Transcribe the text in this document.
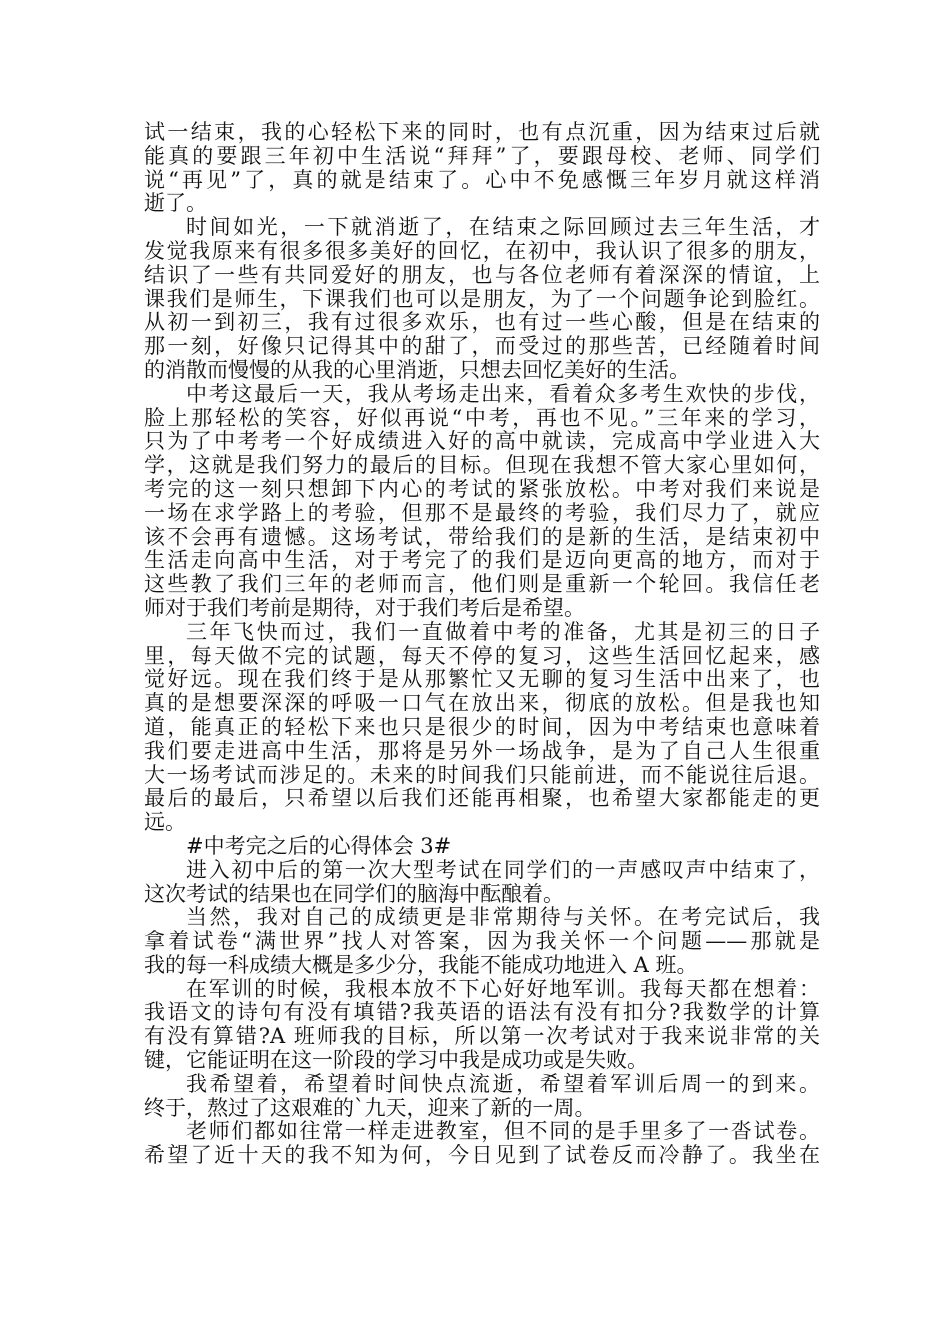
试一结束，我的心轻松下来的同时，也有点沉重，因为结束过后就
能真的要跟三年初中生活说“拜拜”了，要跟母校、老师、同学们
说“再见”了，真的就是结束了。心中不免感慨三年岁月就这样消
逝了。

时间如光，一下就消逝了，在结束之际回顾过去三年生活，才
发觉我原来有很多很多美好的回忆，在初中，我认识了很多的朋友，
结识了一些有共同爱好的朋友，也与各位老师有着深深的情谊，上
课我们是师生，下课我们也可以是朋友，为了一个问题争论到脸红。
从初一到初三，我有过很多欢乐，也有过一些心酸，但是在结束的
那一刻，好像只记得其中的甜了，而受过的那些苦，已经随着时间
的消散而慢慢的从我的心里消逝，只想去回忆美好的生活。

中考这最后一天，我从考场走出来，看着众多考生欢快的步伐，
脸上那轻松的笑容，好似再说“中考，再也不见。”三年来的学习，
只为了中考考一个好成绩进入好的高中就读，完成高中学业进入大
学，这就是我们努力的最后的目标。但现在我想不管大家心里如何，
考完的这一刻只想卸下内心的考试的紧张放松。中考对我们来说是
一场在求学路上的考验，但那不是最终的考验，我们尽力了，就应
该不会再有遗憾。这场考试，带给我们的是新的生活，是结束初中
生活走向高中生活，对于考完了的我们是迈向更高的地方，而对于
这些教了我们三年的老师而言，他们则是重新一个轮回。我信任老
师对于我们考前是期待，对于我们考后是希望。

三年飞快而过，我们一直做着中考的准备，尤其是初三的日子
里，每天做不完的试题，每天不停的复习，这些生活回忆起来，感
觉好远。现在我们终于是从那繁忙又无聊的复习生活中出来了，也
真的是想要深深的呼吸一口气在放出来，彻底的放松。但是我也知
道，能真正的轻松下来也只是很少的时间，因为中考结束也意味着
我们要走进高中生活，那将是另外一场战争，是为了自己人生很重
大一场考试而涉足的。未来的时间我们只能前进，而不能说往后退。
最后的最后，只希望以后我们还能再相聚，也希望大家都能走的更
远。

#中考完之后的心得体会 3#

进入初中后的第一次大型考试在同学们的一声感叹声中结束了，
这次考试的结果也在同学们的脑海中酝酿着。

当然，我对自己的成绩更是非常期待与关怀。在考完试后，我
拿着试卷“满世界”找人对答案，因为我关怀一个问题——那就是
我的每一科成绩大概是多少分，我能不能成功地进入 A 班。

在军训的时候，我根本放不下心好好地军训。我每天都在想着：
我语文的诗句有没有填错?我英语的语法有没有扣分?我数学的计算
有没有算错?A 班师我的目标，所以第一次考试对于我来说非常的关
键，它能证明在这一阶段的学习中我是成功或是失败。

我希望着，希望着时间快点流逝，希望着军训后周一的到来。
终于，熬过了这艰难的`九天，迎来了新的一周。

老师们都如往常一样走进教室，但不同的是手里多了一沓试卷。
希望了近十天的我不知为何，今日见到了试卷反而冷静了。我坐在
